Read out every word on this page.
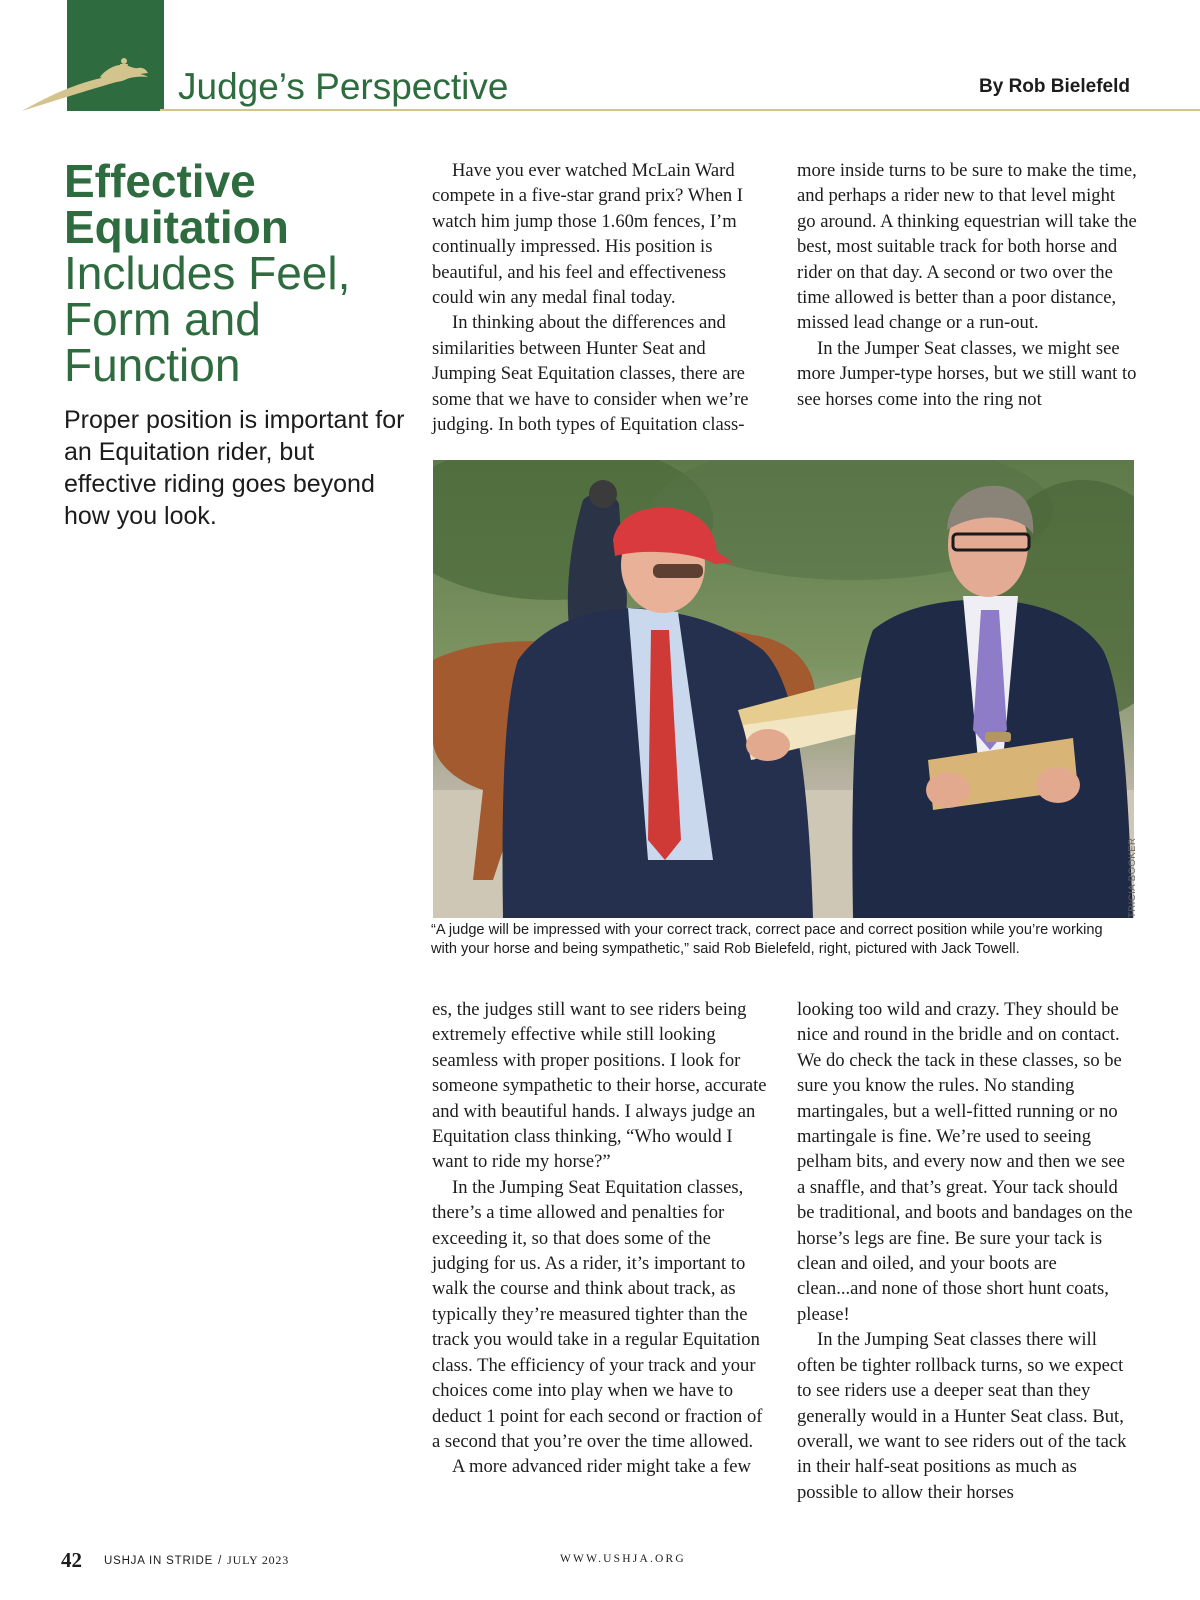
Judge’s Perspective	By Rob Bielefeld
Effective
Equitation
Includes Feel,
Form and
Function
Proper position is important for an Equitation rider, but effective riding goes beyond how you look.

Have you ever watched McLain Ward compete in a five-star grand prix? When I watch him jump those 1.60m fences, I’m continually impressed. His position is beautiful, and his feel and effectiveness could win any medal final today.

In thinking about the differences and similarities between Hunter Seat and Jumping Seat Equitation classes, there are some that we have to consider when we’re judging. In both types of Equitation class-

more inside turns to be sure to make the time, and perhaps a rider new to that level might go around. A thinking equestrian will take the best, most suitable track for both horse and rider on that day. A second or two over the time allowed is better than a poor distance, missed lead change or a run-out.

In the Jumper Seat classes, we might see more Jumper-type horses, but we still want to see horses come into the ring not

TRICIA BOOKER
“A judge will be impressed with your correct track, correct pace and correct position while you’re working with your horse and being sympathetic,” said Rob Bielefeld, right, pictured with Jack Towell.

es, the judges still want to see riders being extremely effective while still looking seamless with proper positions. I look for someone sympathetic to their horse, accurate and with beautiful hands. I always judge an Equitation class thinking, “Who would I want to ride my horse?”

In the Jumping Seat Equitation classes, there’s a time allowed and penalties for exceeding it, so that does some of the judging for us. As a rider, it’s important to walk the course and think about track, as typically they’re measured tighter than the track you would take in a regular Equitation class. The efficiency of your track and your choices come into play when we have to deduct 1 point for each second or fraction of a second that you’re over the time allowed.

A more advanced rider might take a few

looking too wild and crazy. They should be nice and round in the bridle and on contact. We do check the tack in these classes, so be sure you know the rules. No standing martingales, but a well-fitted running or no martingale is fine. We’re used to seeing pelham bits, and every now and then we see a snaffle, and that’s great. Your tack should be traditional, and boots and bandages on the horse’s legs are fine. Be sure your tack is clean and oiled, and your boots are clean...and none of those short hunt coats, please!

In the Jumping Seat classes there will often be tighter rollback turns, so we expect to see riders use a deeper seat than they generally would in a Hunter Seat class. But, overall, we want to see riders out of the tack in their half-seat positions as much as possible to allow their horses

42 USHJA IN STRIDE / JULY 2023	WWW.USHJA.ORG
